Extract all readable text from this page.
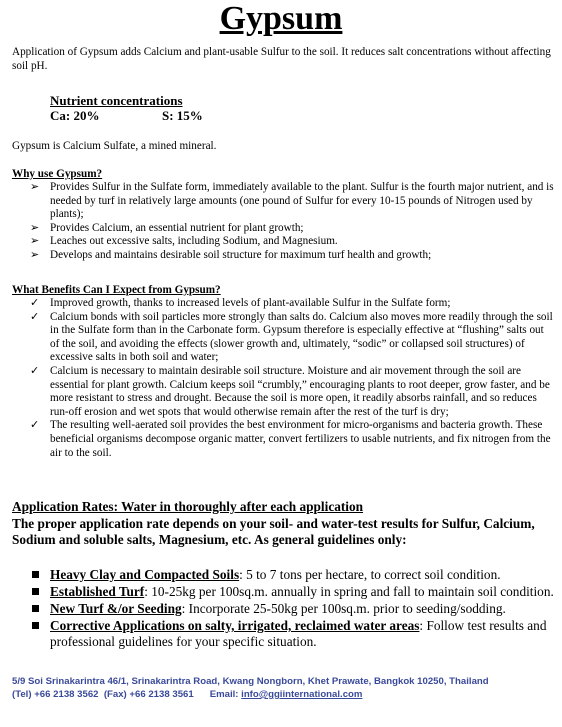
Gypsum
Application of Gypsum adds Calcium and plant-usable Sulfur to the soil. It reduces salt concentrations without affecting soil pH.
Nutrient concentrations
Ca: 20%	S: 15%
Gypsum is Calcium Sulfate, a mined mineral.
Why use Gypsum?
➢ Provides Sulfur in the Sulfate form, immediately available to the plant. Sulfur is the fourth major nutrient, and is needed by turf in relatively large amounts (one pound of Sulfur for every 10-15 pounds of Nitrogen used by plants);
➢ Provides Calcium, an essential nutrient for plant growth;
➢ Leaches out excessive salts, including Sodium, and Magnesium.
➢ Develops and maintains desirable soil structure for maximum turf health and growth;
What Benefits Can I Expect from Gypsum?
✓ Improved growth, thanks to increased levels of plant-available Sulfur in the Sulfate form;
✓ Calcium bonds with soil particles more strongly than salts do. Calcium also moves more readily through the soil in the Sulfate form than in the Carbonate form. Gypsum therefore is especially effective at “flushing” salts out of the soil, and avoiding the effects (slower growth and, ultimately, “sodic” or collapsed soil structures) of excessive salts in both soil and water;
✓ Calcium is necessary to maintain desirable soil structure. Moisture and air movement through the soil are essential for plant growth. Calcium keeps soil “crumbly,” encouraging plants to root deeper, grow faster, and be more resistant to stress and drought. Because the soil is more open, it readily absorbs rainfall, and so reduces run-off erosion and wet spots that would otherwise remain after the rest of the turf is dry;
✓ The resulting well-aerated soil provides the best environment for micro-organisms and bacteria growth. These beneficial organisms decompose organic matter, convert fertilizers to usable nutrients, and fix nitrogen from the air to the soil.
Application Rates: Water in thoroughly after each application
The proper application rate depends on your soil- and water-test results for Sulfur, Calcium, Sodium and soluble salts, Magnesium, etc. As general guidelines only:
Heavy Clay and Compacted Soils: 5 to 7 tons per hectare, to correct soil condition.
Established Turf: 10-25kg per 100sq.m. annually in spring and fall to maintain soil condition.
New Turf &/or Seeding: Incorporate 25-50kg per 100sq.m. prior to seeding/sodding.
Corrective Applications on salty, irrigated, reclaimed water areas: Follow test results and professional guidelines for your specific situation.
5/9 Soi Srinakarintra 46/1, Srinakarintra Road, Kwang Nongborn, Khet Prawate, Bangkok 10250, Thailand
(Tel) +66 2138 3562  (Fax) +66 2138 3561      Email: info@ggiinternational.com
